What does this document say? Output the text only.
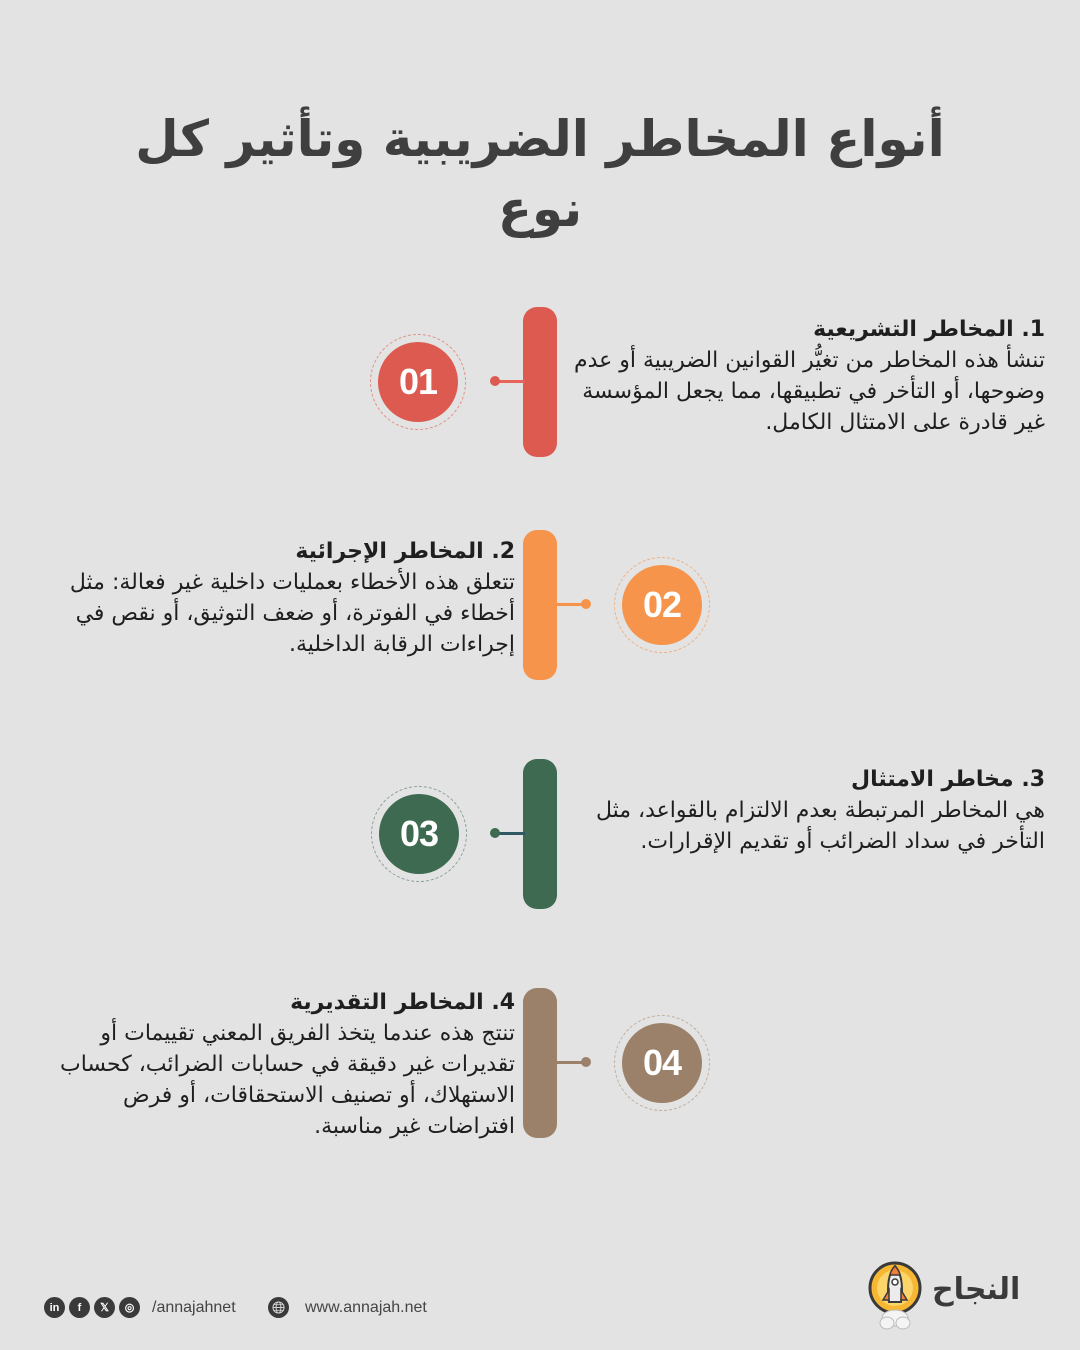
أنواع المخاطر الضريبية وتأثير كل نوع
01
1. المخاطر التشريعية
تنشأ هذه المخاطر من تغيُّر القوانين الضريبية أو عدم وضوحها، أو التأخر في تطبيقها، مما يجعل المؤسسة غير قادرة على الامتثال الكامل.
02
2. المخاطر الإجرائية
تتعلق هذه الأخطاء بعمليات داخلية غير فعالة: مثل أخطاء في الفوترة، أو ضعف التوثيق، أو نقص في إجراءات الرقابة الداخلية.
03
3. مخاطر الامتثال
هي المخاطر المرتبطة بعدم الالتزام بالقواعد، مثل التأخر في سداد الضرائب أو تقديم الإقرارات.
04
4. المخاطر التقديرية
تنتج هذه عندما يتخذ الفريق المعني تقييمات أو تقديرات غير دقيقة في حسابات الضرائب، كحساب الاستهلاك، أو تصنيف الاستحقاقات، أو فرض افتراضات غير مناسبة.
in	f	𝕏	◎	/annajahnet	www.annajah.net
النجاح
